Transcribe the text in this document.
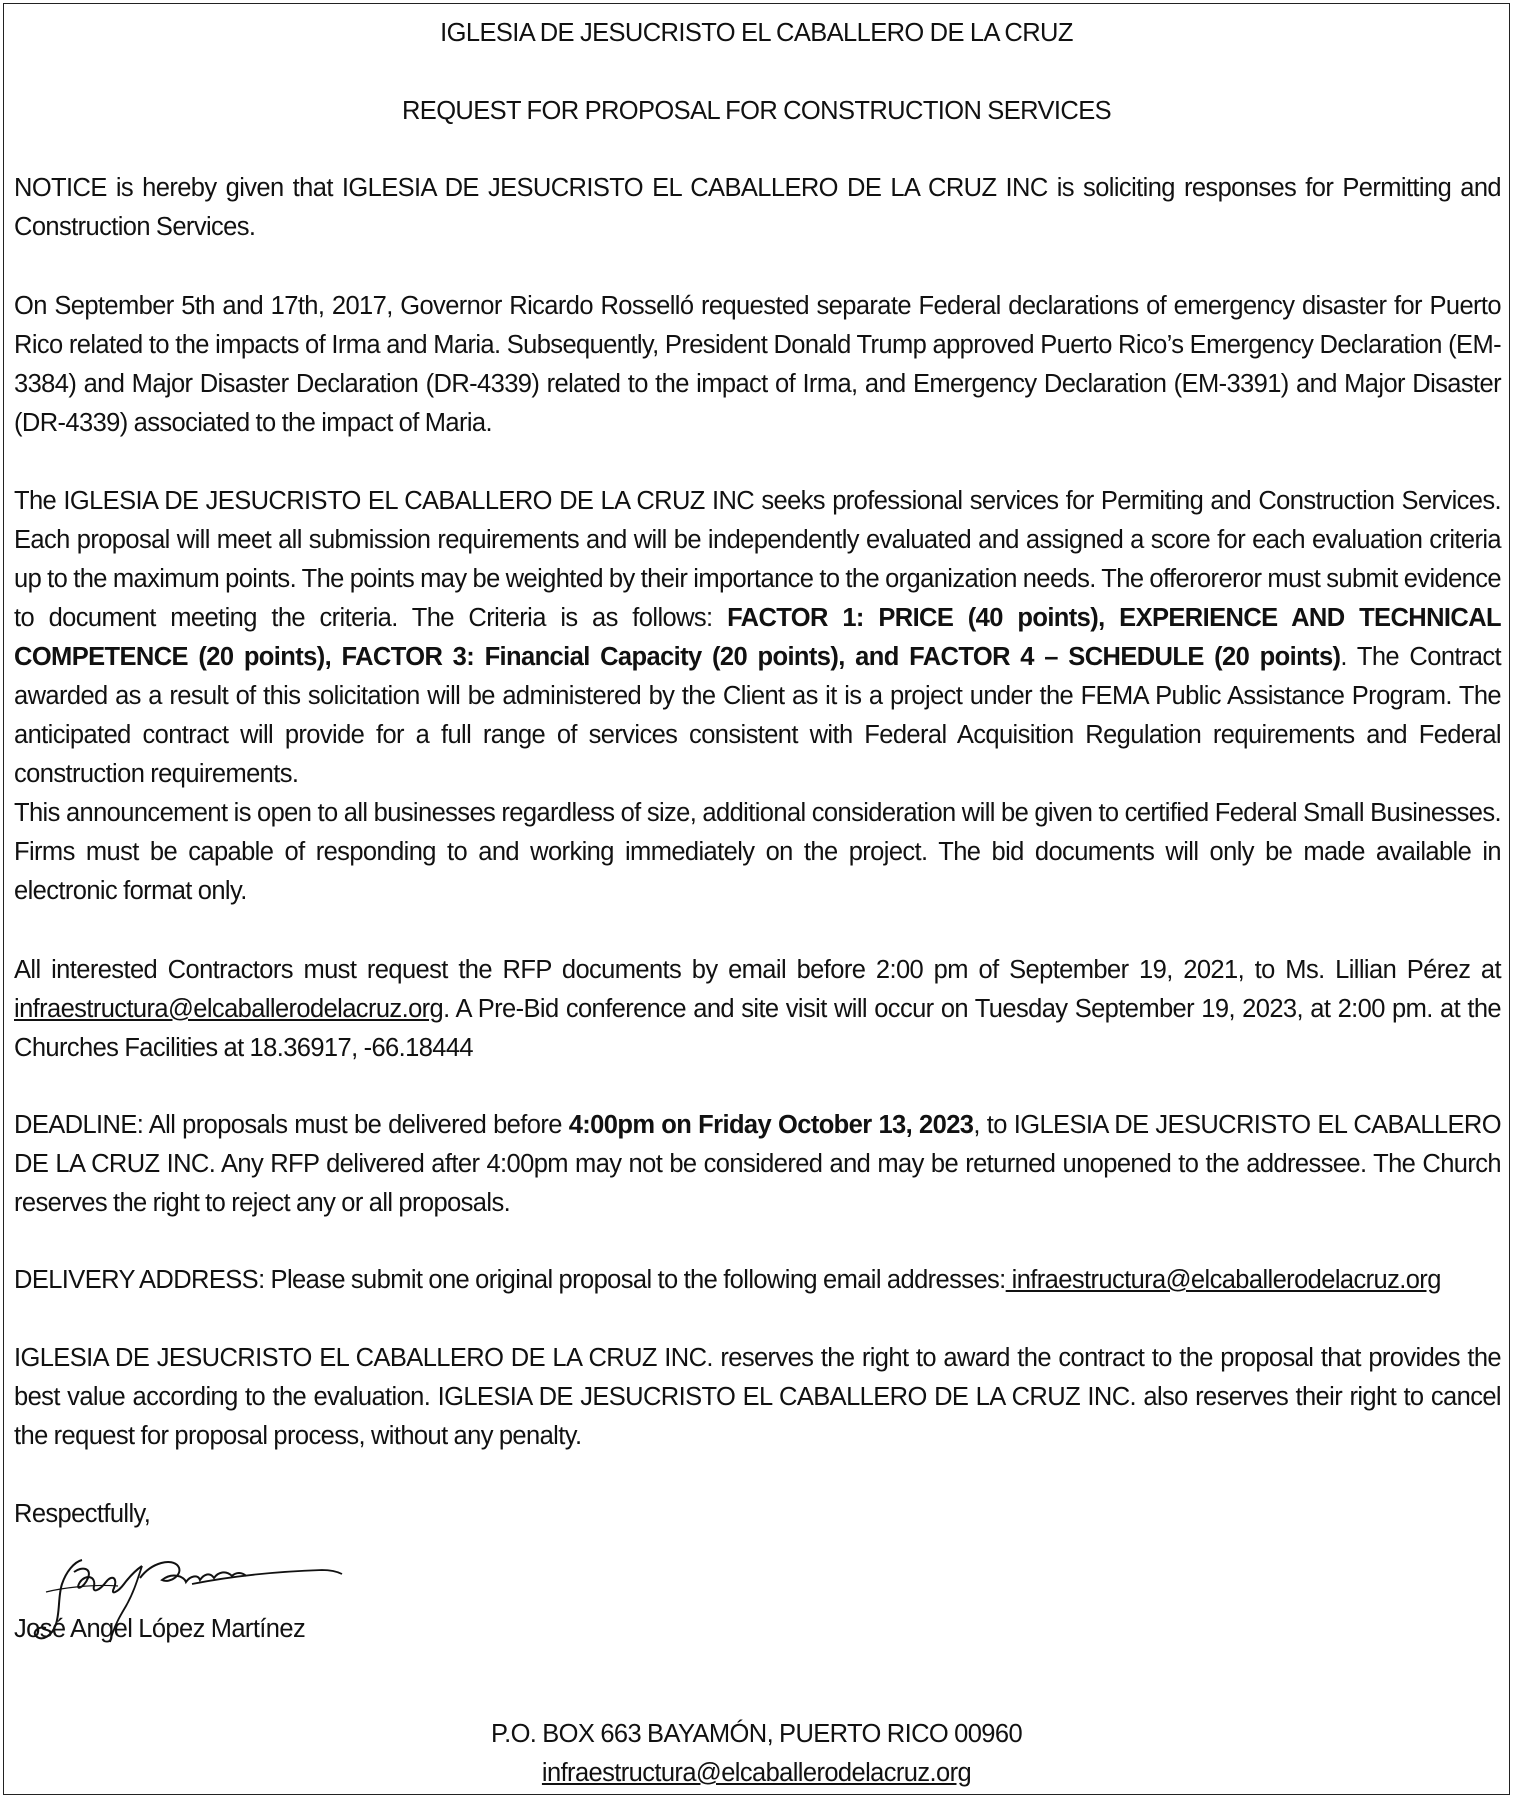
IGLESIA DE JESUCRISTO EL CABALLERO DE LA CRUZ

REQUEST FOR PROPOSAL FOR CONSTRUCTION SERVICES

NOTICE is hereby given that IGLESIA DE JESUCRISTO EL CABALLERO DE LA CRUZ INC is soliciting responses for Permitting and Construction Services.

On September 5th and 17th, 2017, Governor Ricardo Rosselló requested separate Federal declarations of emergency disaster for Puerto Rico related to the impacts of Irma and Maria. Subsequently, President Donald Trump approved Puerto Rico’s Emergency Declaration (EM-3384) and Major Disaster Declaration (DR-4339) related to the impact of Irma, and Emergency Declaration (EM-3391) and Major Disaster (DR-4339) associated to the impact of Maria.

The IGLESIA DE JESUCRISTO EL CABALLERO DE LA CRUZ INC seeks professional services for Permiting and Construction Services. Each proposal will meet all submission requirements and will be independently evaluated and assigned a score for each evaluation criteria up to the maximum points. The points may be weighted by their importance to the organization needs. The offeroreror must submit evidence to document meeting the criteria. The Criteria is as follows: FACTOR 1: PRICE (40 points), EXPERIENCE AND TECHNICAL COMPETENCE (20 points), FACTOR 3: Financial Capacity (20 points), and FACTOR 4 – SCHEDULE (20 points). The Contract awarded as a result of this solicitation will be administered by the Client as it is a project under the FEMA Public Assistance Program. The anticipated contract will provide for a full range of services consistent with Federal Acquisition Regulation requirements and Federal construction requirements.

This announcement is open to all businesses regardless of size, additional consideration will be given to certified Federal Small Businesses. Firms must be capable of responding to and working immediately on the project. The bid documents will only be made available in electronic format only.

All interested Contractors must request the RFP documents by email before 2:00 pm of September 19, 2021, to Ms. Lillian Pérez at infraestructura@elcaballerodelacruz.org. A Pre-Bid conference and site visit will occur on Tuesday September 19, 2023, at 2:00 pm. at the Churches Facilities at 18.36917, -66.18444

DEADLINE: All proposals must be delivered before 4:00pm on Friday October 13, 2023, to IGLESIA DE JESUCRISTO EL CABALLERO DE LA CRUZ INC. Any RFP delivered after 4:00pm may not be considered and may be returned unopened to the addressee. The Church reserves the right to reject any or all proposals.

DELIVERY ADDRESS: Please submit one original proposal to the following email addresses: infraestructura@elcaballerodelacruz.org

IGLESIA DE JESUCRISTO EL CABALLERO DE LA CRUZ INC. reserves the right to award the contract to the proposal that provides the best value according to the evaluation. IGLESIA DE JESUCRISTO EL CABALLERO DE LA CRUZ INC. also reserves their right to cancel the request for proposal process, without any penalty.

Respectfully,

José Angel López Martínez

P.O. BOX 663 BAYAMÓN, PUERTO RICO 00960

infraestructura@elcaballerodelacruz.org
